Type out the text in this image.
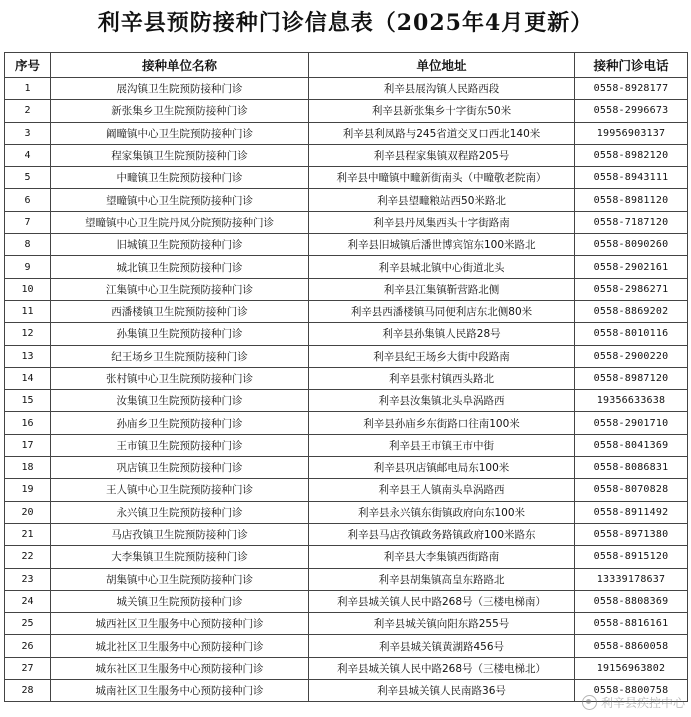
利辛县预防接种门诊信息表（2025年4月更新）
序号	接种单位名称	单位地址	接种门诊电话
1	展沟镇卫生院预防接种门诊	利辛县展沟镇人民路西段	0558-8928177
2	新张集乡卫生院预防接种门诊	利辛县新张集乡十字街东50米	0558-2996673
3	阚疃镇中心卫生院预防接种门诊	利辛县利凤路与245省道交叉口西北140米	19956903137
4	程家集镇卫生院预防接种门诊	利辛县程家集镇双程路205号	0558-8982120
5	中疃镇卫生院预防接种门诊	利辛县中疃镇中疃新街南头（中疃敬老院南）	0558-8943111
6	望疃镇中心卫生院预防接种门诊	利辛县望疃粮站西50米路北	0558-8981120
7	望疃镇中心卫生院丹凤分院预防接种门诊	利辛县丹凤集西头十字街路南	0558-7187120
8	旧城镇卫生院预防接种门诊	利辛县旧城镇后潘世博宾馆东100米路北	0558-8090260
9	城北镇卫生院预防接种门诊	利辛县城北镇中心街道北头	0558-2902161
10	江集镇中心卫生院预防接种门诊	利辛县江集镇靳营路北侧	0558-2986271
11	西潘楼镇卫生院预防接种门诊	利辛县西潘楼镇马同便利店东北侧80米	0558-8869202
12	孙集镇卫生院预防接种门诊	利辛县孙集镇人民路28号	0558-8010116
13	纪王场乡卫生院预防接种门诊	利辛县纪王场乡大街中段路南	0558-2900220
14	张村镇中心卫生院预防接种门诊	利辛县张村镇西头路北	0558-8987120
15	汝集镇卫生院预防接种门诊	利辛县汝集镇北头阜涡路西	19356633638
16	孙庙乡卫生院预防接种门诊	利辛县孙庙乡东街路口往南100米	0558-2901710
17	王市镇卫生院预防接种门诊	利辛县王市镇王市中街	0558-8041369
18	巩店镇卫生院预防接种门诊	利辛县巩店镇邮电局东100米	0558-8086831
19	王人镇中心卫生院预防接种门诊	利辛县王人镇南头阜涡路西	0558-8070828
20	永兴镇卫生院预防接种门诊	利辛县永兴镇东街镇政府向东100米	0558-8911492
21	马店孜镇卫生院预防接种门诊	利辛县马店孜镇政务路镇政府100米路东	0558-8971380
22	大李集镇卫生院预防接种门诊	利辛县大李集镇西街路南	0558-8915120
23	胡集镇中心卫生院预防接种门诊	利辛县胡集镇高皇东路路北	13339178637
24	城关镇卫生院预防接种门诊	利辛县城关镇人民中路268号（三楼电梯南）	0558-8808369
25	城西社区卫生服务中心预防接种门诊	利辛县城关镇向阳东路255号	0558-8816161
26	城北社区卫生服务中心预防接种门诊	利辛县城关镇黄湖路456号	0558-8860058
27	城东社区卫生服务中心预防接种门诊	利辛县城关镇人民中路268号（三楼电梯北）	19156963802
28	城南社区卫生服务中心预防接种门诊	利辛县城关镇人民南路36号	0558-8800758
利辛县疾控中心
